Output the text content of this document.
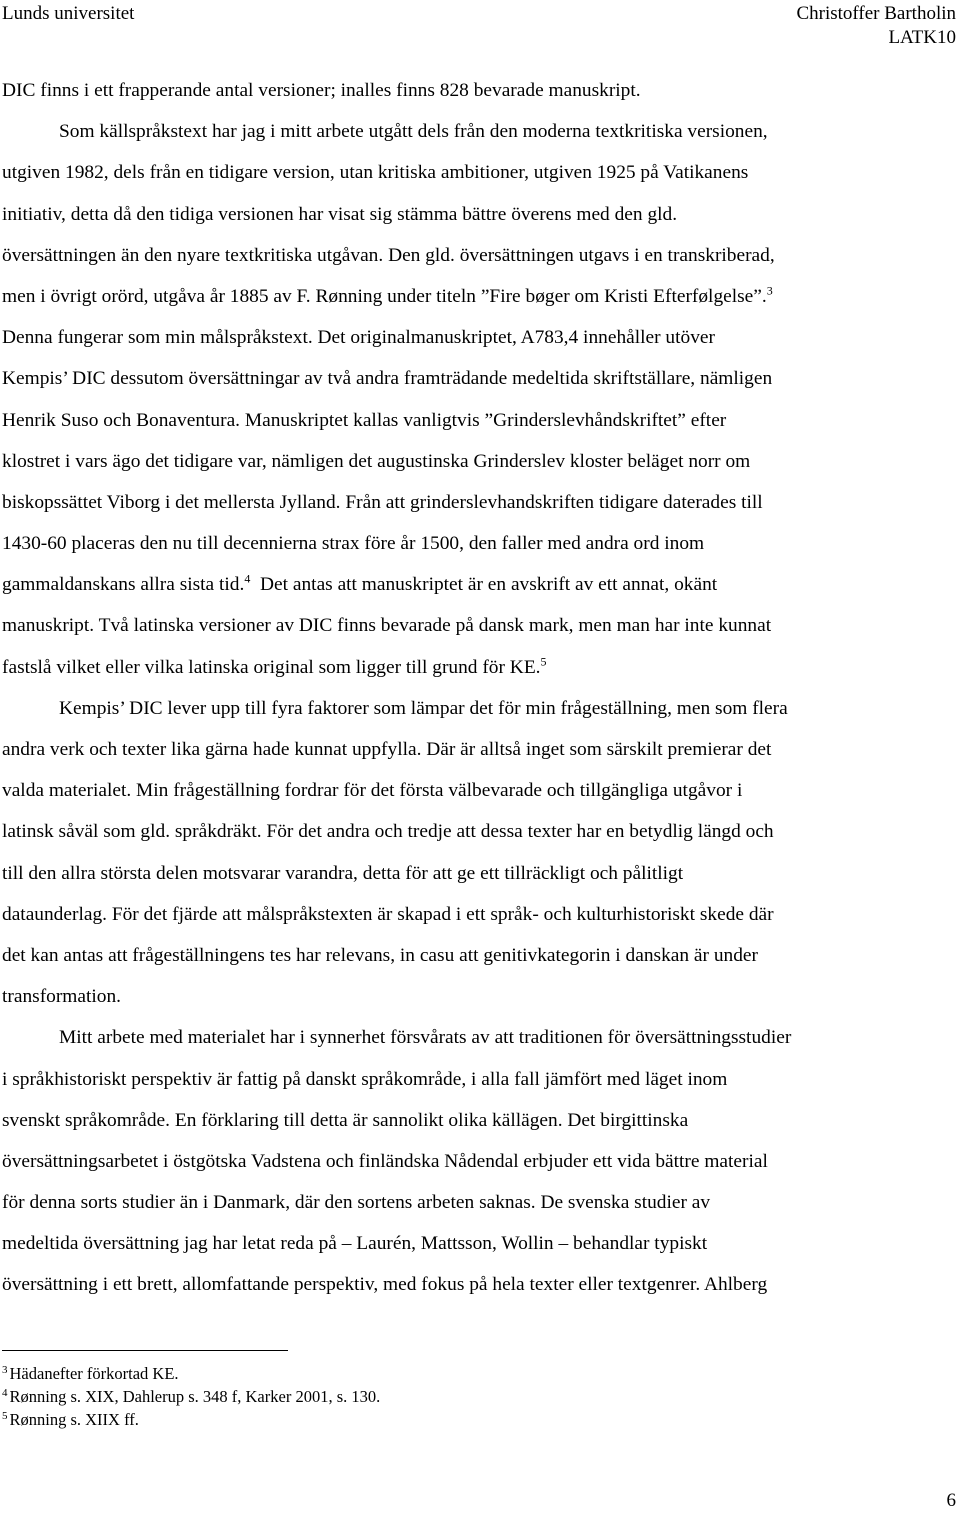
Lunds universitet	Christoffer Bartholin
LATK10
DIC finns i ett frapperande antal versioner; inalles finns 828 bevarade manuskript.
Som källspråkstext har jag i mitt arbete utgått dels från den moderna textkritiska versionen,
utgiven 1982, dels från en tidigare version, utan kritiska ambitioner, utgiven 1925 på Vatikanens
initiativ, detta då den tidiga versionen har visat sig stämma bättre överens med den gld.
översättningen än den nyare textkritiska utgåvan. Den gld. översättningen utgavs i en transkriberad,
men i övrigt orörd, utgåva år 1885 av F. Rønning under titeln ”Fire bøger om Kristi Efterfølgelse”.$^3$
Denna fungerar som min målspråkstext. Det originalmanuskriptet, A783,4 innehåller utöver
Kempis’ DIC dessutom översättningar av två andra framträdande medeltida skriftställare, nämligen
Henrik Suso och Bonaventura. Manuskriptet kallas vanligtvis ”Grinderslevhåndskriftet” efter
klostret i vars ägo det tidigare var, nämligen det augustinska Grinderslev kloster beläget norr om
biskopssättet Viborg i det mellersta Jylland. Från att grinderslevhandskriften tidigare daterades till
1430-60 placeras den nu till decennierna strax före år 1500, den faller med andra ord inom
gammaldanskans allra sista tid.$^4$ Det antas att manuskriptet är en avskrift av ett annat, okänt
manuskript. Två latinska versioner av DIC finns bevarade på dansk mark, men man har inte kunnat
fastslå vilket eller vilka latinska original som ligger till grund för KE.$^5$
Kempis’ DIC lever upp till fyra faktorer som lämpar det för min frågeställning, men som flera
andra verk och texter lika gärna hade kunnat uppfylla. Där är alltså inget som särskilt premierar det
valda materialet. Min frågeställning fordrar för det första välbevarade och tillgängliga utgåvor i
latinsk såväl som gld. språkdräkt. För det andra och tredje att dessa texter har en betydlig längd och
till den allra största delen motsvarar varandra, detta för att ge ett tillräckligt och pålitligt
dataunderlag. För det fjärde att målspråkstexten är skapad i ett språk- och kulturhistoriskt skede där
det kan antas att frågeställningens tes har relevans, in casu att genitivkategorin i danskan är under
transformation.
Mitt arbete med materialet har i synnerhet försvårats av att traditionen för översättningsstudier
i språkhistoriskt perspektiv är fattig på danskt språkområde, i alla fall jämfört med läget inom
svenskt språkområde. En förklaring till detta är sannolikt olika källägen. Det birgittinska
översättningsarbetet i östgötska Vadstena och finländska Nådendal erbjuder ett vida bättre material
för denna sorts studier än i Danmark, där den sortens arbeten saknas. De svenska studier av
medeltida översättning jag har letat reda på – Laurén, Mattsson, Wollin – behandlar typiskt
översättning i ett brett, allomfattande perspektiv, med fokus på hela texter eller textgenrer. Ahlberg
$^3$ Hädanefter förkortad KE.
$^4$ Rønning s. XIX, Dahlerup s. 348 f, Karker 2001, s. 130.
$^5$ Rønning s. XIIX ff.
6
